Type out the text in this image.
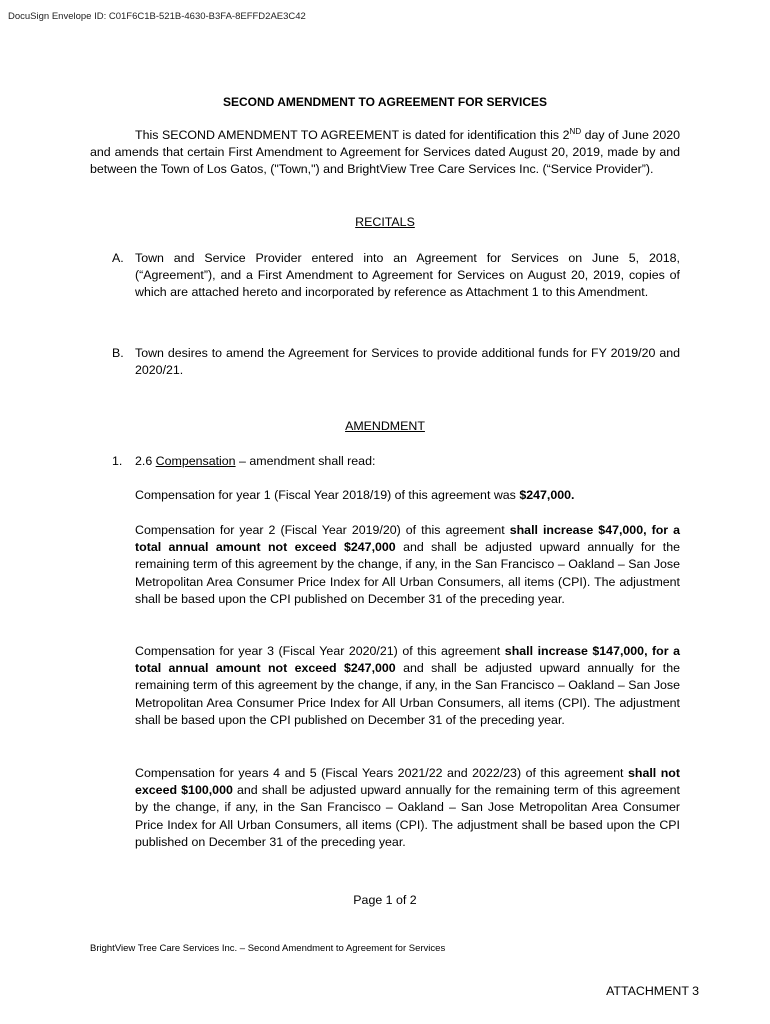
DocuSign Envelope ID: C01F6C1B-521B-4630-B3FA-8EFFD2AE3C42
SECOND AMENDMENT TO AGREEMENT FOR SERVICES
This SECOND AMENDMENT TO AGREEMENT is dated for identification this 2ND day of June 2020 and amends that certain First Amendment to Agreement for Services dated August 20, 2019, made by and between the Town of Los Gatos, ("Town,") and BrightView Tree Care Services Inc. (“Service Provider”).
RECITALS
A. Town and Service Provider entered into an Agreement for Services on June 5, 2018, (“Agreement”), and a First Amendment to Agreement for Services on August 20, 2019, copies of which are attached hereto and incorporated by reference as Attachment 1 to this Amendment.
B. Town desires to amend the Agreement for Services to provide additional funds for FY 2019/20 and 2020/21.
AMENDMENT
1. 2.6 Compensation – amendment shall read:
Compensation for year 1 (Fiscal Year 2018/19) of this agreement was $247,000.
Compensation for year 2 (Fiscal Year 2019/20) of this agreement shall increase $47,000, for a total annual amount not exceed $247,000 and shall be adjusted upward annually for the remaining term of this agreement by the change, if any, in the San Francisco – Oakland – San Jose Metropolitan Area Consumer Price Index for All Urban Consumers, all items (CPI). The adjustment shall be based upon the CPI published on December 31 of the preceding year.
Compensation for year 3 (Fiscal Year 2020/21) of this agreement shall increase $147,000, for a total annual amount not exceed $247,000 and shall be adjusted upward annually for the remaining term of this agreement by the change, if any, in the San Francisco – Oakland – San Jose Metropolitan Area Consumer Price Index for All Urban Consumers, all items (CPI). The adjustment shall be based upon the CPI published on December 31 of the preceding year.
Compensation for years 4 and 5 (Fiscal Years 2021/22 and 2022/23) of this agreement shall not exceed $100,000 and shall be adjusted upward annually for the remaining term of this agreement by the change, if any, in the San Francisco – Oakland – San Jose Metropolitan Area Consumer Price Index for All Urban Consumers, all items (CPI). The adjustment shall be based upon the CPI published on December 31 of the preceding year.
Page 1 of 2
BrightView Tree Care Services Inc. – Second Amendment to Agreement for Services
ATTACHMENT 3
